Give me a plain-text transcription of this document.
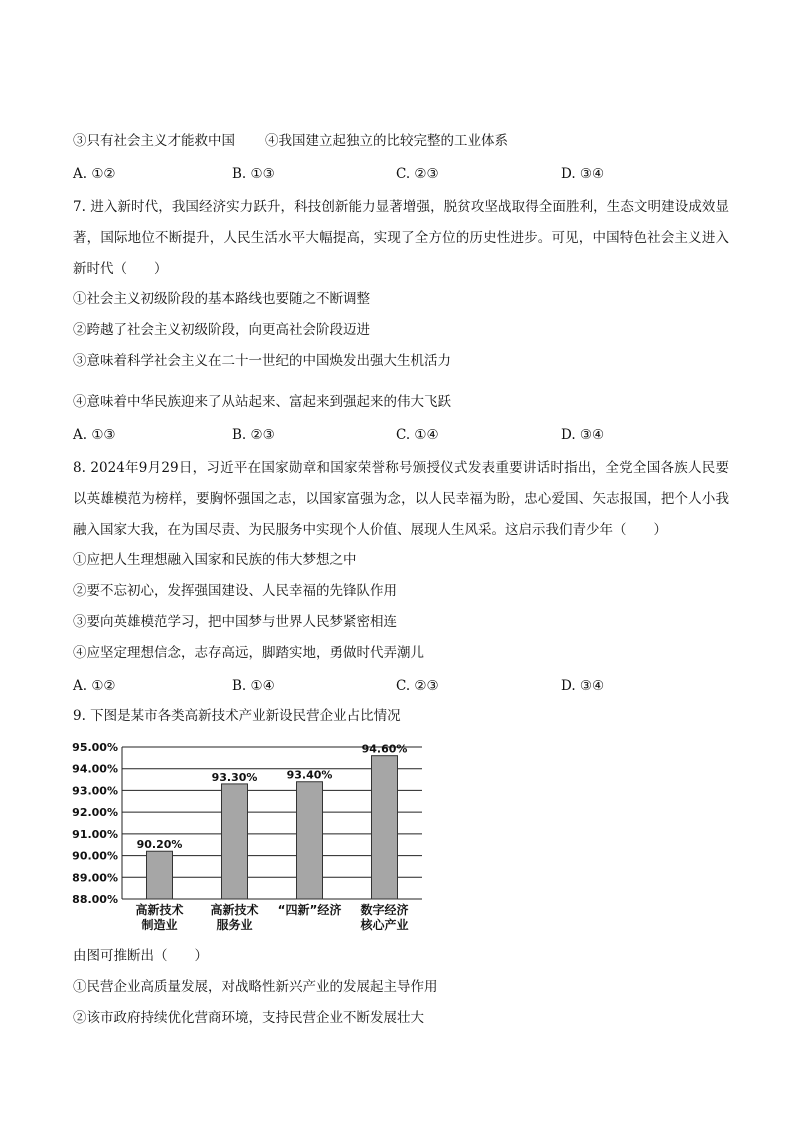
③只有社会主义才能救中国 ④我国建立起独立的比较完整的工业体系
A. ①②	B. ①③	C. ②③	D. ③④
7. 进入新时代，我国经济实力跃升，科技创新能力显著增强，脱贫攻坚战取得全面胜利，生态文明建设成效显著，国际地位不断提升，人民生活水平大幅提高，实现了全方位的历史性进步。可见，中国特色社会主义进入新时代（　　）
①社会主义初级阶段的基本路线也要随之不断调整
②跨越了社会主义初级阶段，向更高社会阶段迈进
③意味着科学社会主义在二十一世纪的中国焕发出强大生机活力
④意味着中华民族迎来了从站起来、富起来到强起来的伟大飞跃
A. ①③	B. ②③	C. ①④	D. ③④
8. 2024年9月29日，习近平在国家勋章和国家荣誉称号颁授仪式发表重要讲话时指出，全党全国各族人民要以英雄模范为榜样，要胸怀强国之志，以国家富强为念，以人民幸福为盼，忠心爱国、矢志报国，把个人小我融入国家大我，在为国尽责、为民服务中实现个人价值、展现人生风采。这启示我们青少年（　　）
①应把人生理想融入国家和民族的伟大梦想之中
②要不忘初心，发挥强国建设、人民幸福的先锋队作用
③要向英雄模范学习，把中国梦与世界人民梦紧密相连
④应坚定理想信念，志存高远，脚踏实地，勇做时代弄潮儿
A. ①②	B. ①④	C. ②③	D. ③④
9. 下图是某市各类高新技术产业新设民营企业占比情况
88.00%
89.00%
90.00%
91.00%
92.00%
93.00%
94.00%
95.00%
90.20%
高新技术
制造业
93.30%
高新技术
服务业
93.40%
“四新”经济
94.60%
数字经济
核心产业
由图可推断出（　　）
①民营企业高质量发展，对战略性新兴产业的发展起主导作用
②该市政府持续优化营商环境，支持民营企业不断发展壮大
